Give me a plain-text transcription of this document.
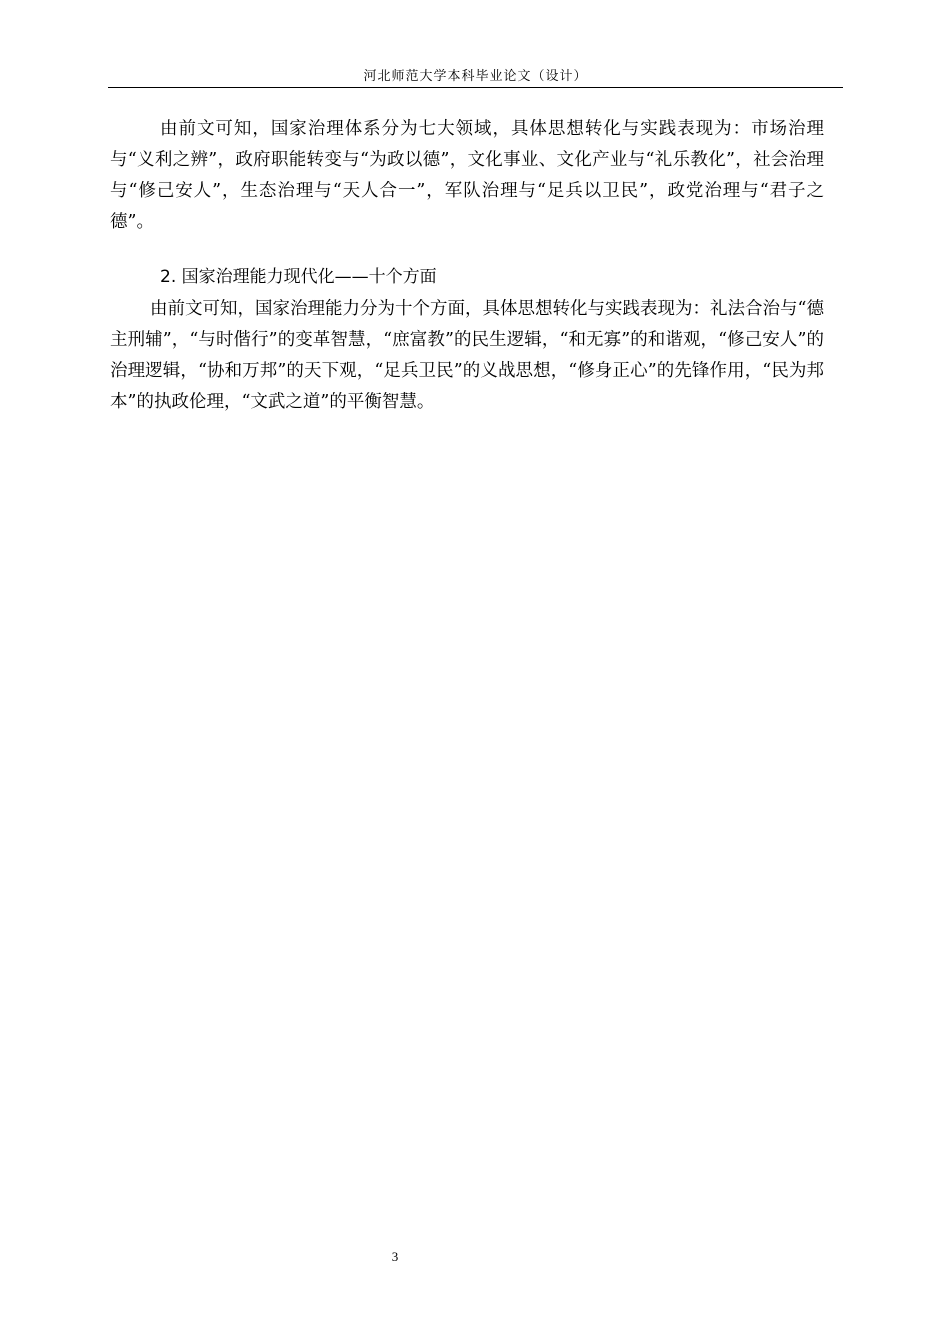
河北师范大学本科毕业论文（设计）

由前文可知，国家治理体系分为七大领域，具体思想转化与实践表现为：市场治理与“义利之辨”，政府职能转变与“为政以德”，文化事业、文化产业与“礼乐教化”，社会治理与“修己安人”，生态治理与“天人合一”，军队治理与“足兵以卫民”，政党治理与“君子之德”。

2. 国家治理能力现代化——十个方面

由前文可知，国家治理能力分为十个方面，具体思想转化与实践表现为：礼法合治与“德主刑辅”，“与时偕行”的变革智慧，“庶富教”的民生逻辑，“和无寡”的和谐观，“修己安人”的治理逻辑，“协和万邦”的天下观，“足兵卫民”的义战思想，“修身正心”的先锋作用，“民为邦本”的执政伦理，“文武之道”的平衡智慧。

3
